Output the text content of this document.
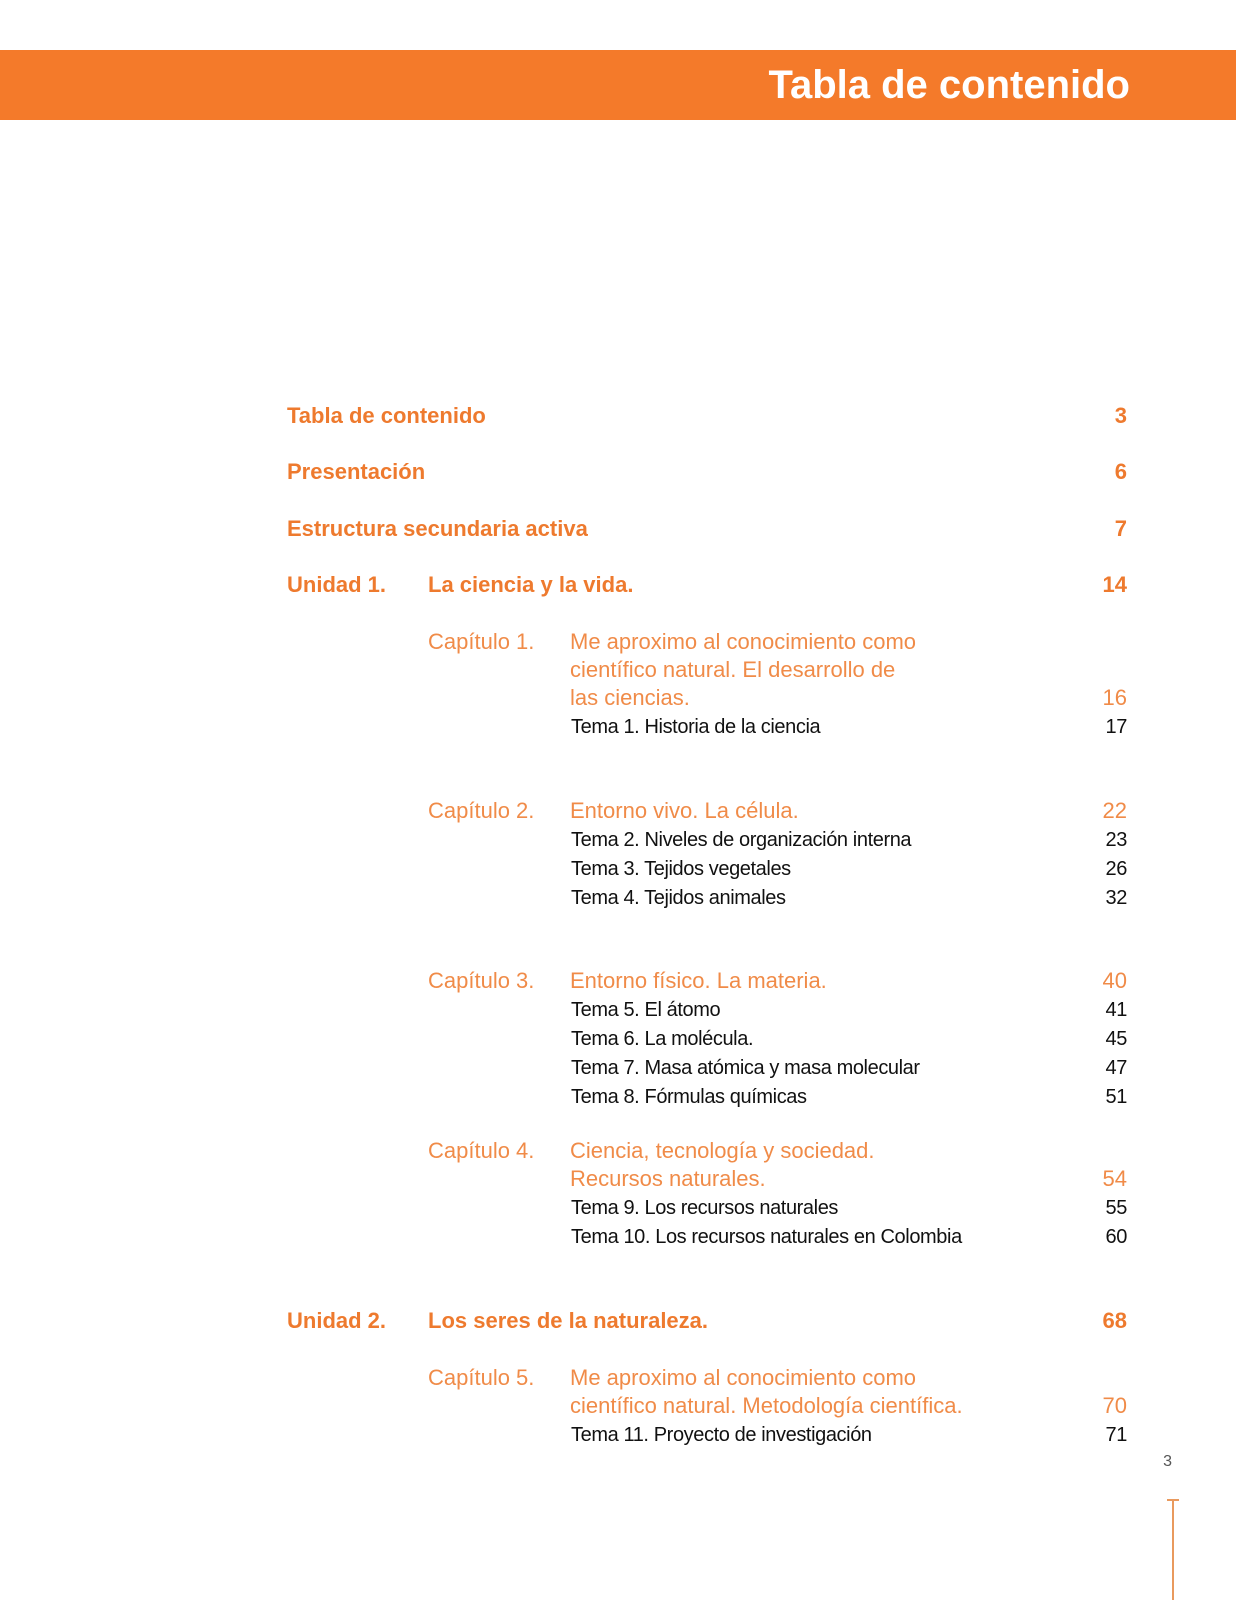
Tabla de contenido
Tabla de contenido	3
Presentación	6
Estructura secundaria activa	7
Unidad 1. La ciencia y la vida.	14
Capítulo 1. Me aproximo al conocimiento como
científico natural. El desarrollo de
las ciencias.	16
Tema 1. Historia de la ciencia	17
Capítulo 2. Entorno vivo. La célula.	22
Tema 2. Niveles de organización interna	23
Tema 3. Tejidos vegetales	26
Tema 4. Tejidos animales	32
Capítulo 3. Entorno físico. La materia.	40
Tema 5. El átomo	41
Tema 6. La molécula.	45
Tema 7. Masa atómica y masa molecular	47
Tema 8. Fórmulas químicas	51
Capítulo 4. Ciencia, tecnología y sociedad.
Recursos naturales.	54
Tema 9. Los recursos naturales	55
Tema 10. Los recursos naturales en Colombia	60
Unidad 2. Los seres de la naturaleza.	68
Capítulo 5. Me aproximo al conocimiento como
científico natural. Metodología científica.	70
Tema 11. Proyecto de investigación	71
3
